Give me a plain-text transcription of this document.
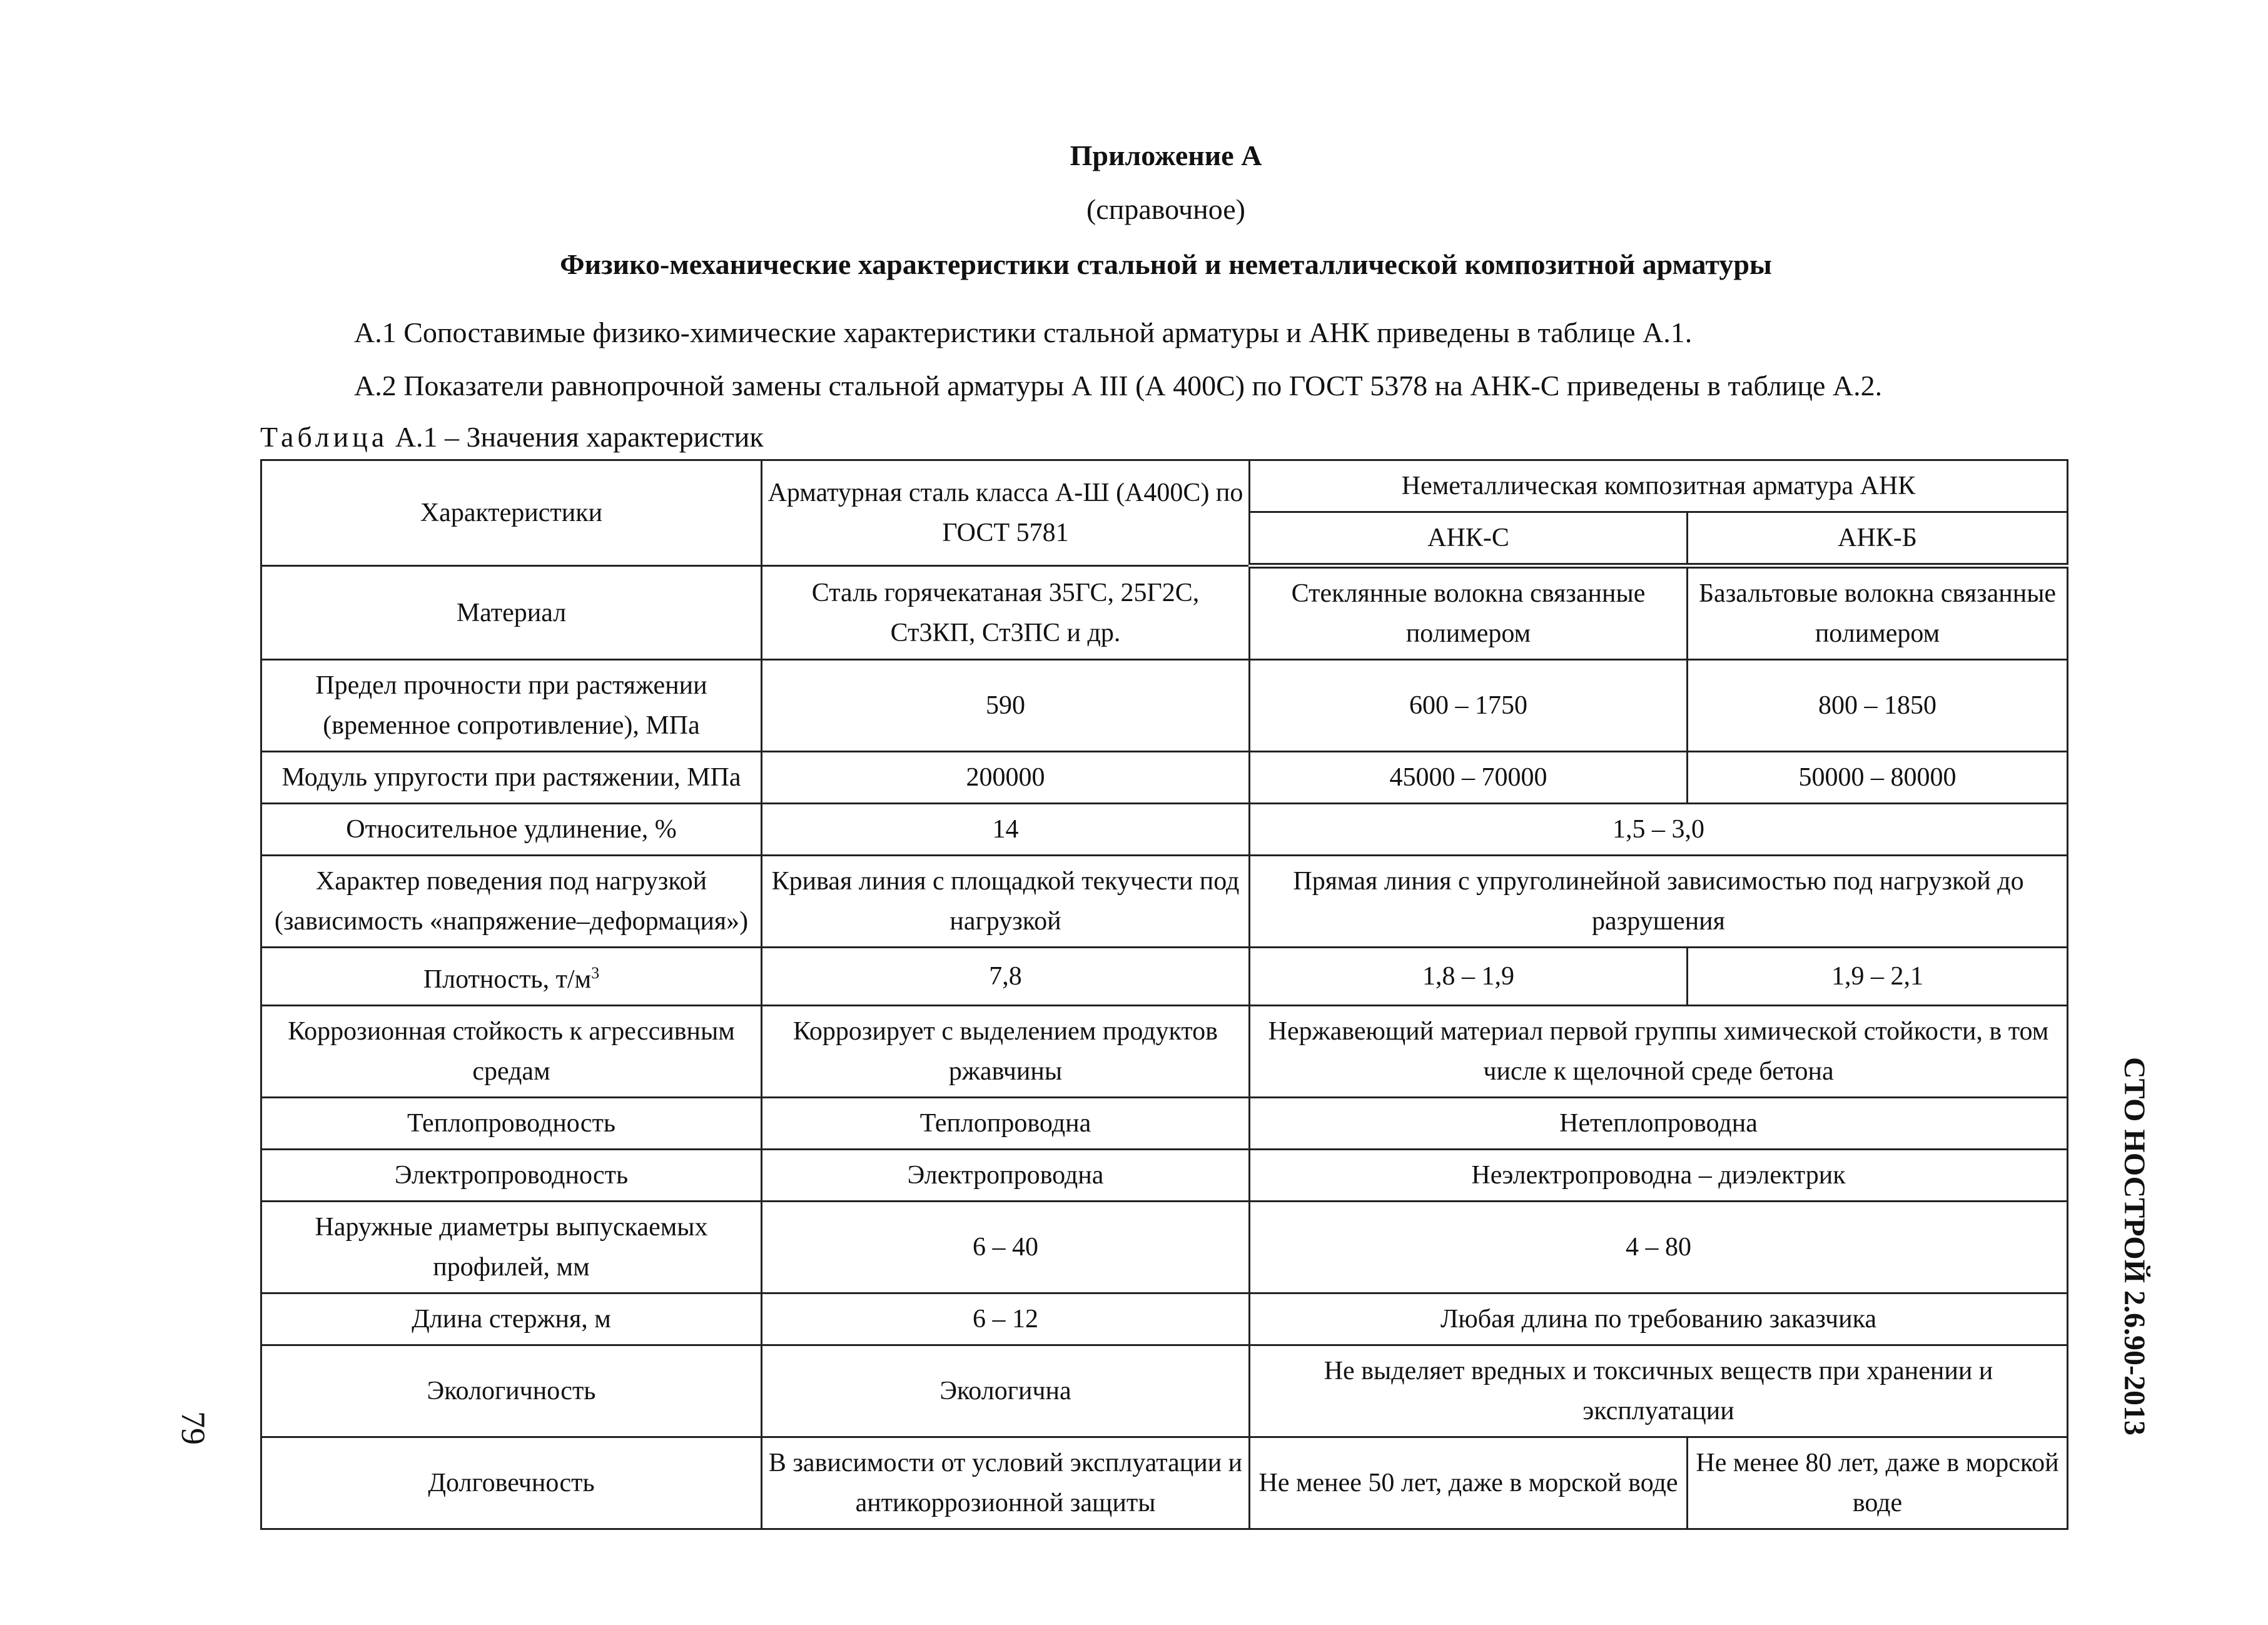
Приложение А
(справочное)
Физико-механические характеристики стальной и неметаллической композитной арматуры
А.1 Сопоставимые физико-химические характеристики стальной арматуры и АНК приведены в таблице А.1.
А.2 Показатели равнопрочной замены стальной арматуры А III (А 400С) по ГОСТ 5378 на АНК-С приведены в таблице А.2.
Таблица А.1 – Значения характеристик
Характеристики	Арматурная сталь класса А-Ш (А400С) по ГОСТ 5781	Неметаллическая композитная арматура АНК	
		АНК-С	АНК-Б
Материал	Сталь горячекатаная 35ГС, 25Г2С, Ст3КП, Ст3ПС и др.	Стеклянные волокна связанные полимером	Базальтовые волокна связанные полимером
Предел прочности при растяжении (временное сопротивление), МПа	590	600 – 1750	800 – 1850
Модуль упругости при растяжении, МПа	200000	45000 – 70000	50000 – 80000
Относительное удлинение, %	14	1,5 – 3,0	
Характер поведения под нагрузкой (зависимость «напряжение–деформация»)	Кривая линия с площадкой текучести под нагрузкой	Прямая линия с упруголинейной зависимостью под нагрузкой до разрушения	
Плотность, $т/м^3$	7,8	1,8 – 1,9	1,9 – 2,1
Коррозионная стойкость к агрессивным средам	Коррозирует с выделением продуктов ржавчины	Нержавеющий материал первой группы химической стойкости, в том числе к щелочной среде бетона	
Теплопроводность	Теплопроводна	Нетеплопроводна	
Электропроводность	Электропроводна	Неэлектропроводна – диэлектрик	
Наружные диаметры выпускаемых профилей, мм	6 – 40	4 – 80	
Длина стержня, м	6 – 12	Любая длина по требованию заказчика	
Экологичность	Экологична	Не выделяет вредных и токсичных веществ при хранении и эксплуатации	
Долговечность	В зависимости от условий эксплуатации и антикоррозионной защиты	Не менее 50 лет, даже в морской воде	Не менее 80 лет, даже в морской воде
СТО НОСТРОЙ 2.6.90-2013
79
